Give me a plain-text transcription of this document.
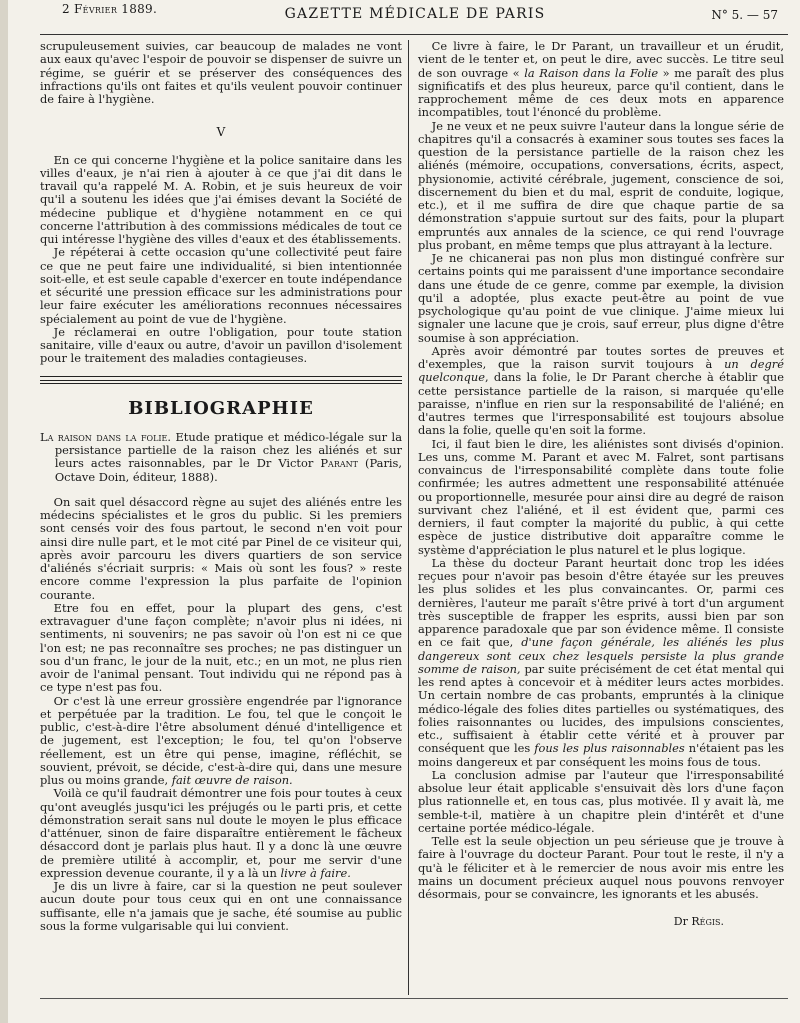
2 Février 1889.	GAZETTE MÉDICALE DE PARIS	N° 5. — 57

scrupuleusement suivies, car beaucoup de malades ne vont aux eaux qu'avec l'espoir de pouvoir se dispenser de suivre un régime, se guérir et se préserver des conséquences des infractions qu'ils ont faites et qu'ils veulent pouvoir continuer de faire à l'hygiène.

V

En ce qui concerne l'hygiène et la police sanitaire dans les villes d'eaux, je n'ai rien à ajouter à ce que j'ai dit dans le travail qu'a rappelé M. A. Robin, et je suis heureux de voir qu'il a soutenu les idées que j'ai émises devant la Société de médecine publique et d'hygiène notamment en ce qui concerne l'attribution à des commissions médicales de tout ce qui intéresse l'hygiène des villes d'eaux et des établissements.

Je répéterai à cette occasion qu'une collectivité peut faire ce que ne peut faire une individualité, si bien intentionnée soit-elle, et est seule capable d'exercer en toute indépendance et sécurité une pression efficace sur les administrations pour leur faire exécuter les améliorations reconnues nécessaires spécialement au point de vue de l'hygiène.

Je réclamerai en outre l'obligation, pour toute station sanitaire, ville d'eaux ou autre, d'avoir un pavillon d'isolement pour le traitement des maladies contagieuses.

BIBLIOGRAPHIE

La raison dans la folie. Etude pratique et médico-légale sur la persistance partielle de la raison chez les aliénés et sur leurs actes raisonnables, par le Dr Victor Parant (Paris, Octave Doin, éditeur, 1888).

On sait quel désaccord règne au sujet des aliénés entre les médecins spécialistes et le gros du public. Si les premiers sont censés voir des fous partout, le second n'en voit pour ainsi dire nulle part, et le mot cité par Pinel de ce visiteur qui, après avoir parcouru les divers quartiers de son service d'aliénés s'écriait surpris: « Mais où sont les fous? » reste encore comme l'expression la plus parfaite de l'opinion courante.

Etre fou en effet, pour la plupart des gens, c'est extravaguer d'une façon complète; n'avoir plus ni idées, ni sentiments, ni souvenirs; ne pas savoir où l'on est ni ce que l'on est; ne pas reconnaître ses proches; ne pas distinguer un sou d'un franc, le jour de la nuit, etc.; en un mot, ne plus rien avoir de l'animal pensant. Tout individu qui ne répond pas à ce type n'est pas fou.

Or c'est là une erreur grossière engendrée par l'ignorance et perpétuée par la tradition. Le fou, tel que le conçoit le public, c'est-à-dire l'être absolument dénué d'intelligence et de jugement, est l'exception; le fou, tel qu'on l'observe réellement, est un être qui pense, imagine, réfléchit, se souvient, prévoit, se décide, c'est-à-dire qui, dans une mesure plus ou moins grande, fait œuvre de raison.

Voilà ce qu'il faudrait démontrer une fois pour toutes à ceux qu'ont aveuglés jusqu'ici les préjugés ou le parti pris, et cette démonstration serait sans nul doute le moyen le plus efficace d'atténuer, sinon de faire disparaître entièrement le fâcheux désaccord dont je parlais plus haut. Il y a donc là une œuvre de première utilité à accomplir, et, pour me servir d'une expression devenue courante, il y a là un livre à faire.

Je dis un livre à faire, car si la question ne peut soulever aucun doute pour tous ceux qui en ont une connaissance suffisante, elle n'a jamais que je sache, été soumise au public sous la forme vulgarisable qui lui convient.

Ce livre à faire, le Dr Parant, un travailleur et un érudit, vient de le tenter et, on peut le dire, avec succès. Le titre seul de son ouvrage « la Raison dans la Folie » me paraît des plus significatifs et des plus heureux, parce qu'il contient, dans le rapprochement même de ces deux mots en apparence incompatibles, tout l'énoncé du problème.

Je ne veux et ne peux suivre l'auteur dans la longue série de chapitres qu'il a consacrés à examiner sous toutes ses faces la question de la persistance partielle de la raison chez les aliénés (mémoire, occupations, conversations, écrits, aspect, physionomie, activité cérébrale, jugement, conscience de soi, discernement du bien et du mal, esprit de conduite, logique, etc.), et il me suffira de dire que chaque partie de sa démonstration s'appuie surtout sur des faits, pour la plupart empruntés aux annales de la science, ce qui rend l'ouvrage plus probant, en même temps que plus attrayant à la lecture.

Je ne chicanerai pas non plus mon distingué confrère sur certains points qui me paraissent d'une importance secondaire dans une étude de ce genre, comme par exemple, la division qu'il a adoptée, plus exacte peut-être au point de vue psychologique qu'au point de vue clinique. J'aime mieux lui signaler une lacune que je crois, sauf erreur, plus digne d'être soumise à son appréciation.

Après avoir démontré par toutes sortes de preuves et d'exemples, que la raison survit toujours à un degré quelconque, dans la folie, le Dr Parant cherche à établir que cette persistance partielle de la raison, si marquée qu'elle paraisse, n'influe en rien sur la responsabilité de l'aliéné; en d'autres termes que l'irresponsabilité est toujours absolue dans la folie, quelle qu'en soit la forme.

Ici, il faut bien le dire, les aliénistes sont divisés d'opinion. Les uns, comme M. Parant et avec M. Falret, sont partisans convaincus de l'irresponsabilité complète dans toute folie confirmée; les autres admettent une responsabilité atténuée ou proportionnelle, mesurée pour ainsi dire au degré de raison survivant chez l'aliéné, et il est évident que, parmi ces derniers, il faut compter la majorité du public, à qui cette espèce de justice distributive doit apparaître comme le système d'appréciation le plus naturel et le plus logique.

La thèse du docteur Parant heurtait donc trop les idées reçues pour n'avoir pas besoin d'être étayée sur les preuves les plus solides et les plus convaincantes. Or, parmi ces dernières, l'auteur me paraît s'être privé à tort d'un argument très susceptible de frapper les esprits, aussi bien par son apparence paradoxale que par son évidence même. Il consiste en ce fait que, d'une façon générale, les aliénés les plus dangereux sont ceux chez lesquels persiste la plus grande somme de raison, par suite précisément de cet état mental qui les rend aptes à concevoir et à méditer leurs actes morbides. Un certain nombre de cas probants, empruntés à la clinique médico-légale des folies dites partielles ou systématiques, des folies raisonnantes ou lucides, des impulsions conscientes, etc., suffisaient à établir cette vérité et à prouver par conséquent que les fous les plus raisonnables n'étaient pas les moins dangereux et par conséquent les moins fous de tous.

La conclusion admise par l'auteur que l'irresponsabilité absolue leur était applicable s'ensuivait dès lors d'une façon plus rationnelle et, en tous cas, plus motivée. Il y avait là, me semble-t-il, matière à un chapitre plein d'intérêt et d'une certaine portée médico-légale.

Telle est la seule objection un peu sérieuse que je trouve à faire à l'ouvrage du docteur Parant. Pour tout le reste, il n'y a qu'à le féliciter et à le remercier de nous avoir mis entre les mains un document précieux auquel nous pouvons renvoyer désormais, pour se convaincre, les ignorants et les abusés.

Dr Régis.
